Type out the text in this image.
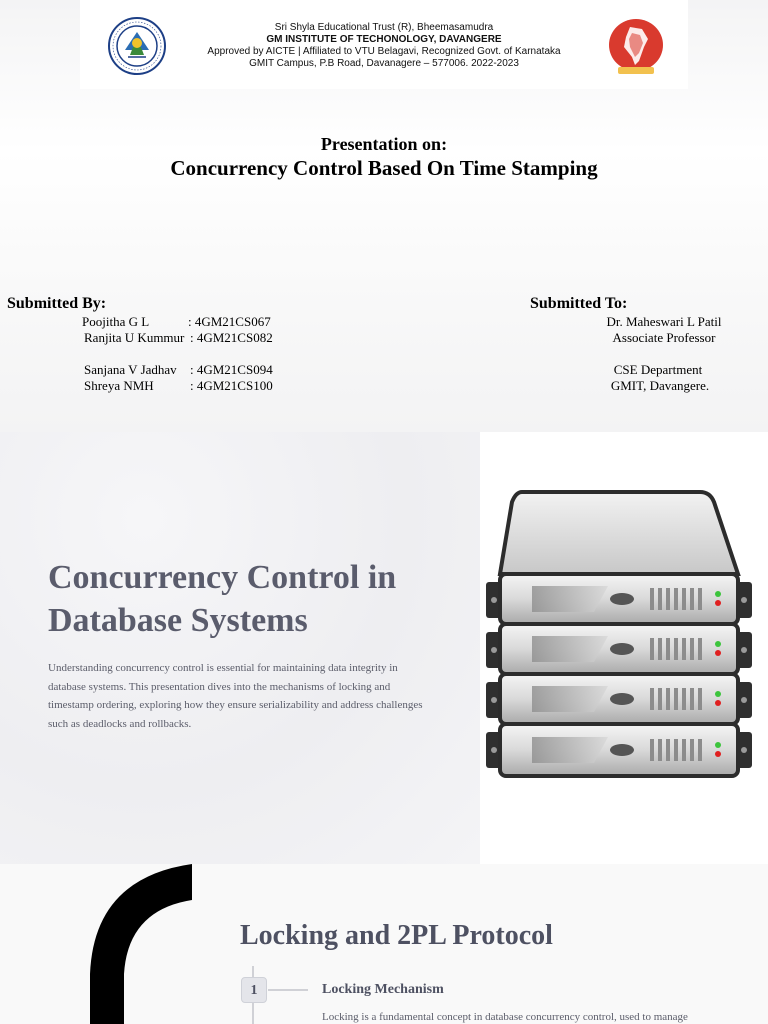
Sri Shyla Educational Trust (R), Bheemasamudra
GM INSTITUTE OF TECHONOLOGY, DAVANGERE
Approved by AICTE | Affiliated to VTU Belagavi, Recognized Govt. of Karnataka
GMIT Campus, P.B Road, Davanagere – 577006. 2022-2023
Presentation on:
Concurrency Control Based On Time Stamping
Submitted By:
Poojitha G L	: 4GM21CS067
Ranjita U Kummur : 4GM21CS082
Sanjana V Jadhav : 4GM21CS094
Shreya NMH	: 4GM21CS100
Submitted To:
Dr. Maheswari L Patil
Associate Professor
CSE Department
GMIT, Davangere.
Concurrency Control in Database Systems
Understanding concurrency control is essential for maintaining data integrity in database systems. This presentation dives into the mechanisms of locking and timestamp ordering, exploring how they ensure serializability and address challenges such as deadlocks and rollbacks.
Locking and 2PL Protocol
1	Locking Mechanism
Locking is a fundamental concept in database concurrency control, used to manage
